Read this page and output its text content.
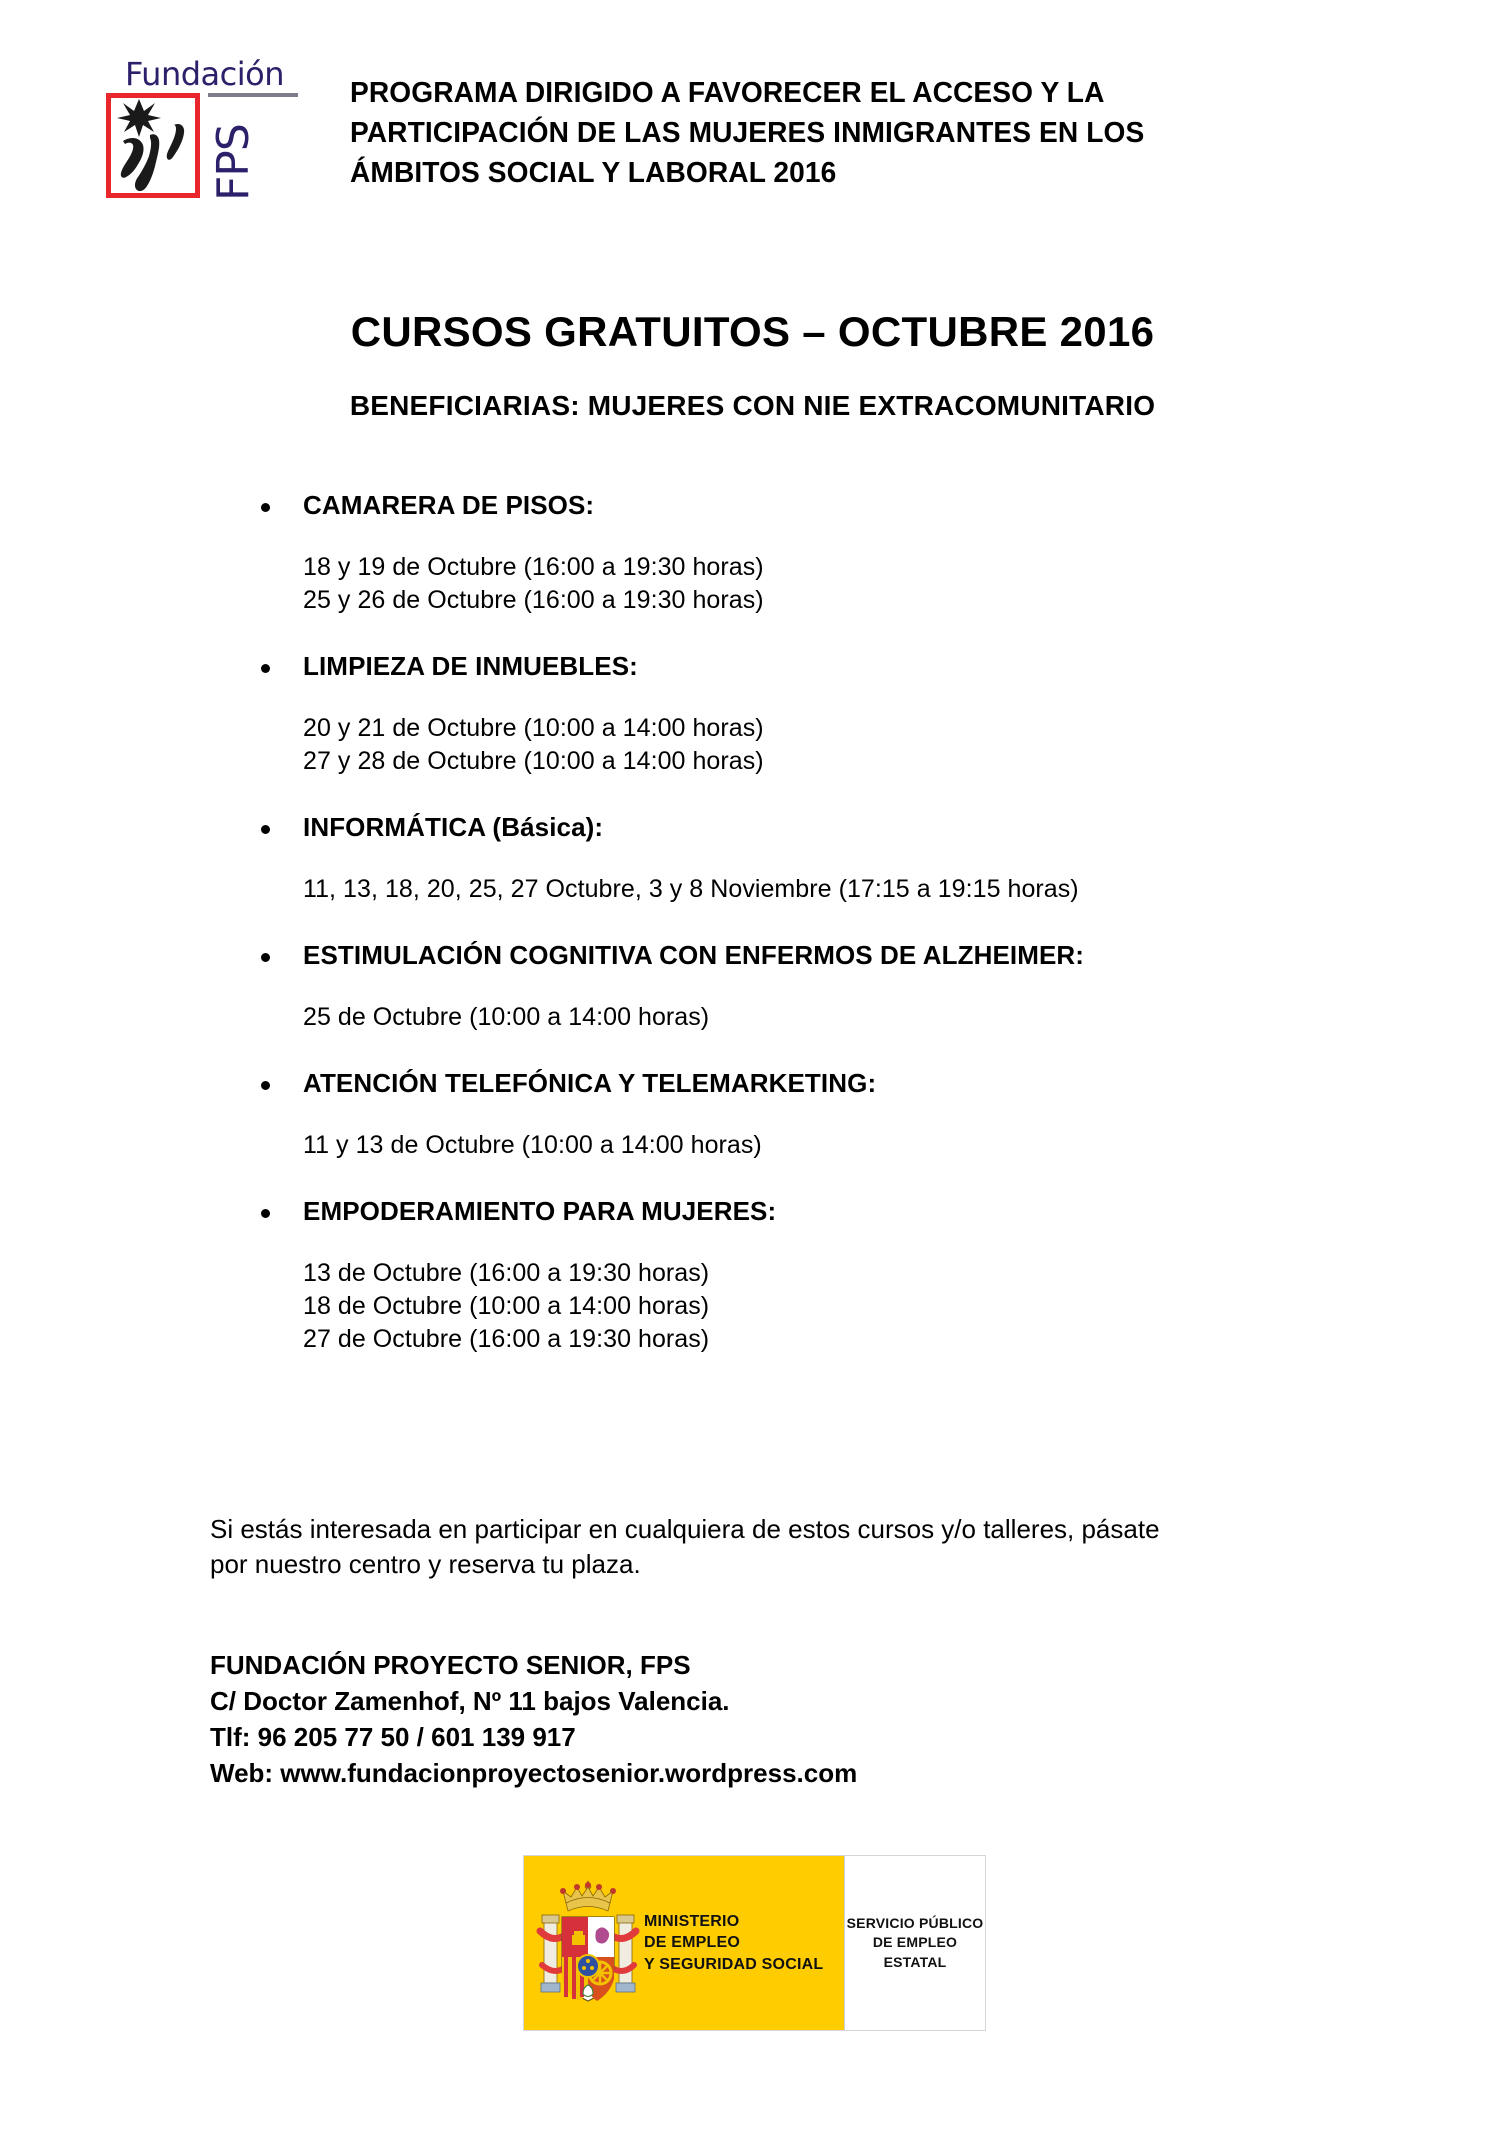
Fundación
FPS
PROGRAMA DIRIGIDO A FAVORECER EL ACCESO Y LA
PARTICIPACIÓN DE LAS MUJERES INMIGRANTES EN LOS
ÁMBITOS SOCIAL Y LABORAL 2016
CURSOS GRATUITOS – OCTUBRE 2016
BENEFICIARIAS: MUJERES CON NIE EXTRACOMUNITARIO
CAMARERA DE PISOS:
18 y 19 de Octubre (16:00 a 19:30 horas)
25 y 26 de Octubre (16:00 a 19:30 horas)
LIMPIEZA DE INMUEBLES:
20 y 21 de Octubre (10:00 a 14:00 horas)
27 y 28 de Octubre (10:00 a 14:00 horas)
INFORMÁTICA (Básica):
11, 13, 18, 20, 25, 27 Octubre, 3 y 8 Noviembre (17:15 a 19:15 horas)
ESTIMULACIÓN COGNITIVA CON ENFERMOS DE ALZHEIMER:
25 de Octubre (10:00 a 14:00 horas)
ATENCIÓN TELEFÓNICA Y TELEMARKETING:
11 y 13 de Octubre (10:00 a 14:00 horas)
EMPODERAMIENTO PARA MUJERES:
13 de Octubre (16:00 a 19:30 horas)
18 de Octubre (10:00 a 14:00 horas)
27 de Octubre (16:00 a 19:30 horas)
Si estás interesada en participar en cualquiera de estos cursos y/o talleres, pásate
por nuestro centro y reserva tu plaza.
FUNDACIÓN PROYECTO SENIOR, FPS
C/ Doctor Zamenhof, Nº 11 bajos Valencia.
Tlf: 96 205 77 50 / 601 139 917
Web: www.fundacionproyectosenior.wordpress.com
MINISTERIO
DE EMPLEO
Y SEGURIDAD SOCIAL
SERVICIO PÚBLICO
DE EMPLEO ESTATAL
